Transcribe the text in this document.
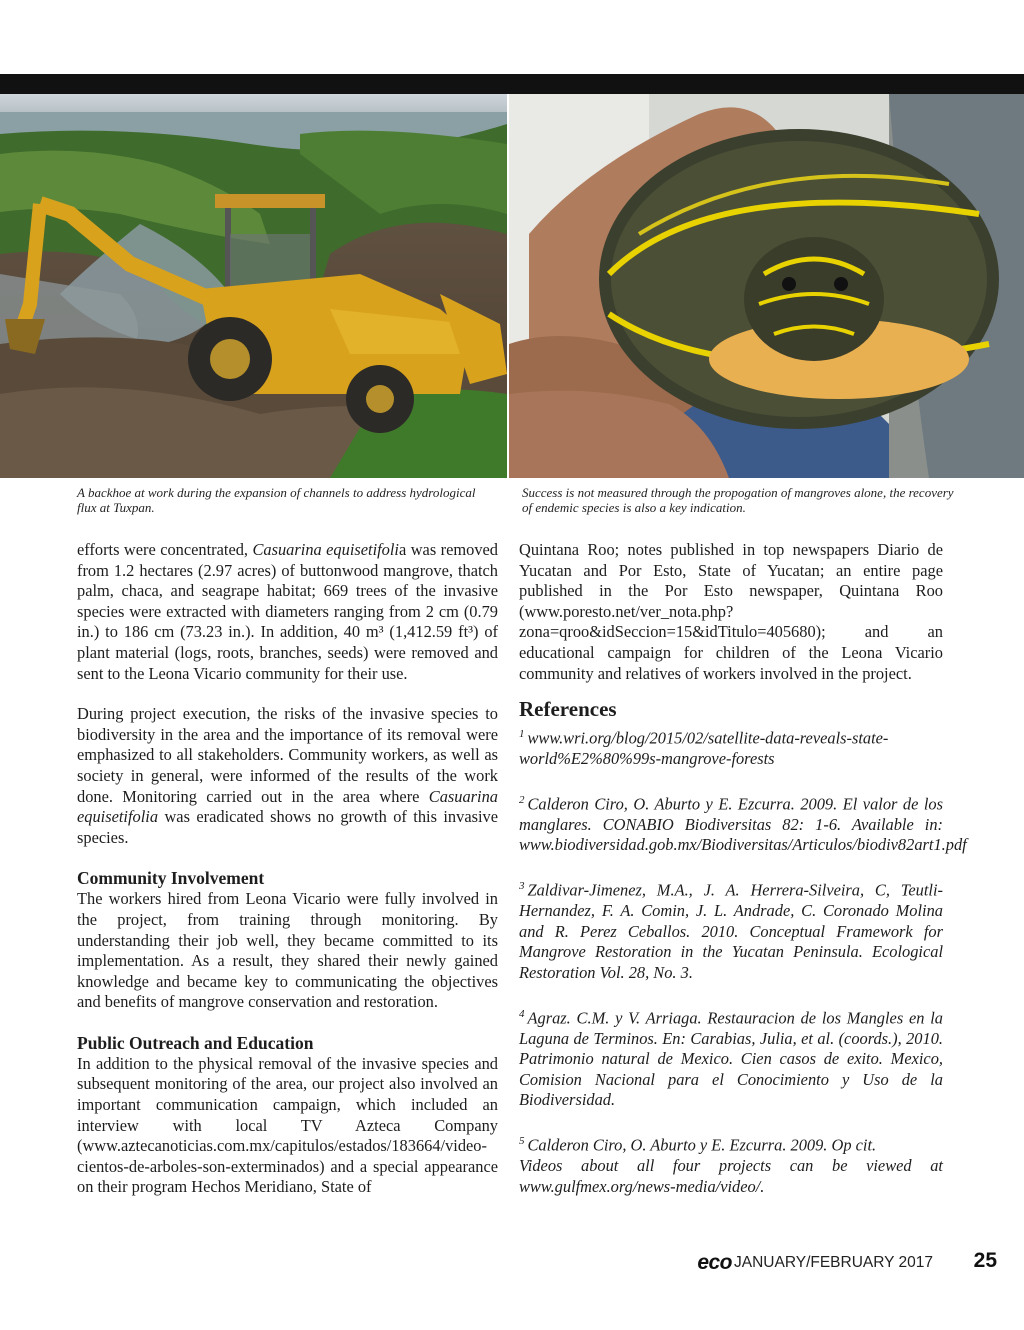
A backhoe at work during the expansion of channels to address hydrological flux at Tuxpan.
Success is not measured through the propogation of mangroves alone, the recovery of endemic species is also a key indication.

efforts were concentrated, Casuarina equisetifolia was removed from 1.2 hectares (2.97 acres) of buttonwood mangrove, thatch palm, chaca, and seagrape habitat; 669 trees of the invasive species were extracted with diameters ranging from 2 cm (0.79 in.) to 186 cm (73.23 in.). In addition, 40 m³ (1,412.59 ft³) of plant material (logs, roots, branches, seeds) were removed and sent to the Leona Vicario community for their use.

During project execution, the risks of the invasive species to biodiversity in the area and the importance of its removal were emphasized to all stakeholders. Community workers, as well as society in general, were informed of the results of the work done. Monitoring carried out in the area where Casuarina equisetifolia was eradicated shows no growth of this invasive species.

Community Involvement

The workers hired from Leona Vicario were fully involved in the project, from training through monitoring. By understanding their job well, they became committed to its implementation. As a result, they shared their newly gained knowledge and became key to communicating the objectives and benefits of mangrove conservation and restoration.

Public Outreach and Education

In addition to the physical removal of the invasive species and subsequent monitoring of the area, our project also involved an important communication campaign, which included an interview with local TV Azteca Company (www.aztecanoticias.com.mx/capitulos/estados/183664/video-cientos-de-arboles-son-exterminados) and a special appearance on their program Hechos Meridiano, State of

Quintana Roo; notes published in top newspapers Diario de Yucatan and Por Esto, State of Yucatan; an entire page published in the Por Esto newspaper, Quintana Roo (www.poresto.net/ver_nota.php?zona=qroo&idSeccion=15&idTitulo=405680); and an educational campaign for children of the Leona Vicario community and relatives of workers involved in the project.

References

$^1$ www.wri.org/blog/2015/02/satellite-data-reveals-state-world%E2%80%99s-mangrove-forests

$^2$ Calderon Ciro, O. Aburto y E. Ezcurra. 2009. El valor de los manglares. CONABIO Biodiversitas 82: 1-6. Available in: www.biodiversidad.gob.mx/Biodiversitas/Articulos/biodiv82art1.pdf

$^3$ Zaldivar-Jimenez, M.A., J. A. Herrera-Silveira, C, Teutli-Hernandez, F. A. Comin, J. L. Andrade, C. Coronado Molina and R. Perez Ceballos. 2010. Conceptual Framework for Mangrove Restoration in the Yucatan Peninsula. Ecological Restoration Vol. 28, No. 3.

$^4$ Agraz. C.M. y V. Arriaga. Restauracion de los Mangles en la Laguna de Terminos. En: Carabias, Julia, et al. (coords.), 2010. Patrimonio natural de Mexico. Cien casos de exito. Mexico, Comision Nacional para el Conocimiento y Uso de la Biodiversidad.

$^5$ Calderon Ciro, O. Aburto y E. Ezcurra. 2009. Op cit.

Videos about all four projects can be viewed at www.gulfmex.org/news-media/video/.

eco JANUARY/FEBRUARY 2017	25
